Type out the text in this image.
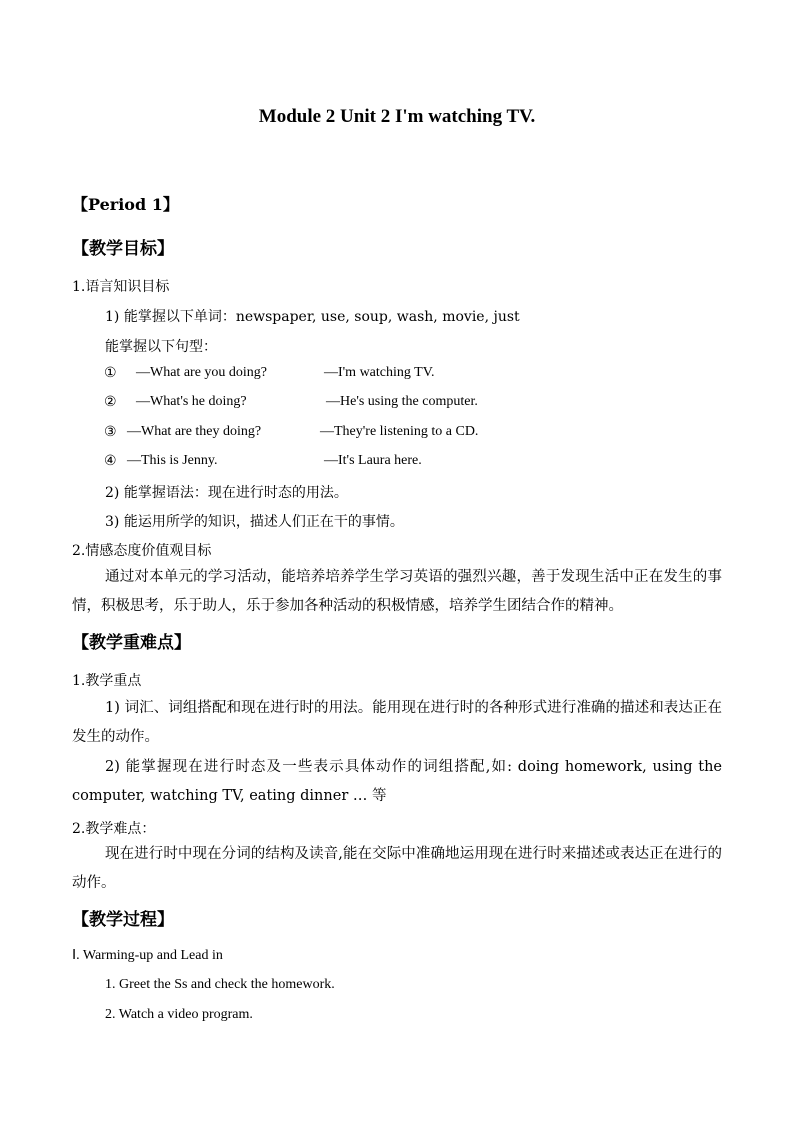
Module 2 Unit 2 I'm watching TV.
【Period 1】
【教学目标】
1.语言知识目标
1) 能掌握以下单词：newspaper, use, soup, wash, movie, just
能掌握以下句型：
① —What are you doing?	—I'm watching TV.
② —What's he doing?	—He's using the computer.
③ —What are they doing?	—They're listening to a CD.
④ —This is Jenny.	—It's Laura here.
2) 能掌握语法：现在进行时态的用法。
3) 能运用所学的知识，描述人们正在干的事情。
2.情感态度价值观目标

通过对本单元的学习活动，能培养培养学生学习英语的强烈兴趣，善于发现生活中正在发生的事情，积极思考，乐于助人，乐于参加各种活动的积极情感，培养学生团结合作的精神。

【教学重难点】
1.教学重点

1) 词汇、词组搭配和现在进行时的用法。能用现在进行时的各种形式进行准确的描述和表达正在发生的动作。

2) 能掌握现在进行时态及一些表示具体动作的词组搭配,如: doing homework, using the computer, watching TV, eating dinner … 等

2.教学难点：

现在进行时中现在分词的结构及读音,能在交际中准确地运用现在进行时来描述或表达正在进行的动作。

【教学过程】
Ⅰ. Warming-up and Lead in
1. Greet the Ss and check the homework.
2. Watch a video program.
